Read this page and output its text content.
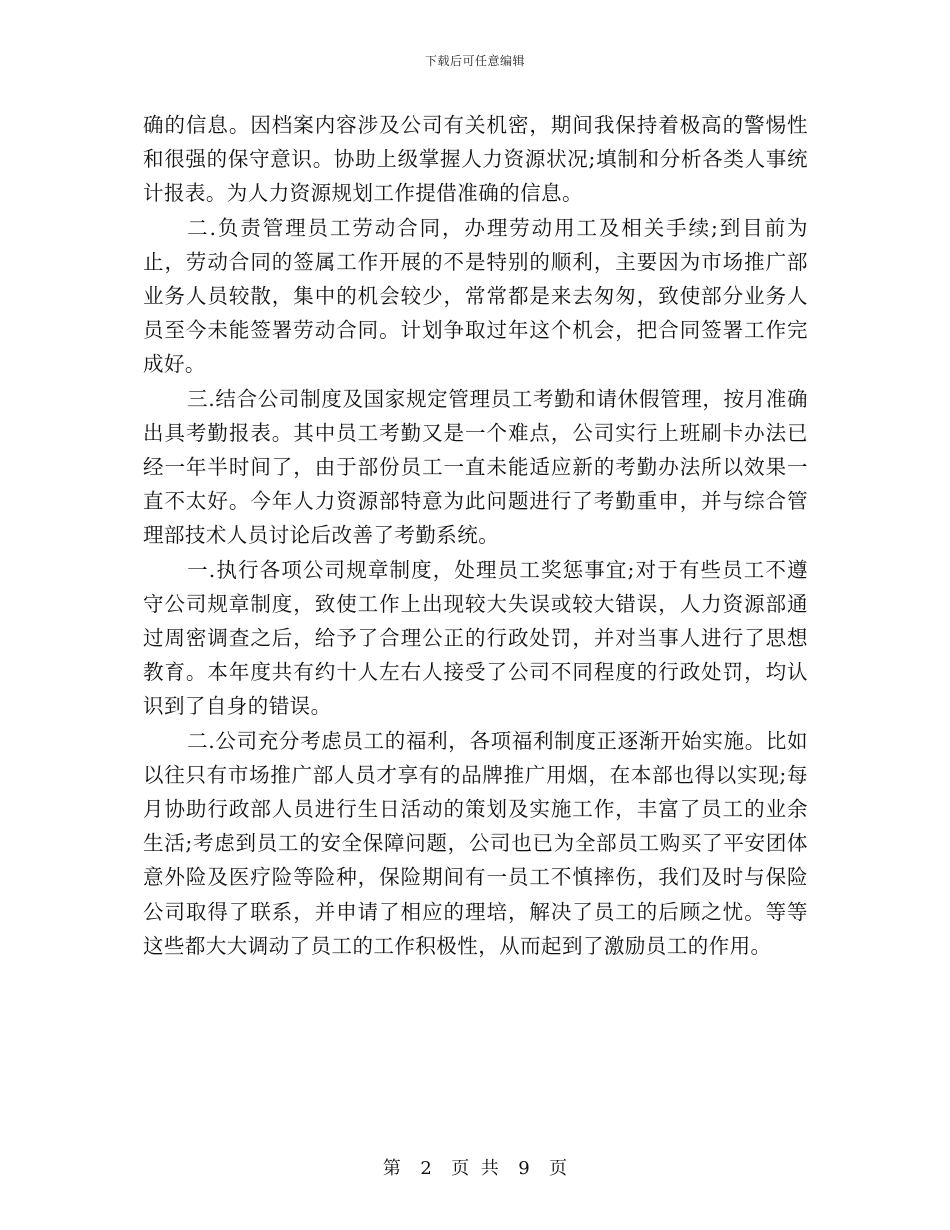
下载后可任意编辑

确的信息。因档案内容涉及公司有关机密，期间我保持着极高的警惕性和很强的保守意识。协助上级掌握人力资源状况;填制和分析各类人事统计报表。为人力资源规划工作提借准确的信息。

二.负责管理员工劳动合同，办理劳动用工及相关手续;到目前为止，劳动合同的签属工作开展的不是特别的顺利，主要因为市场推广部业务人员较散，集中的机会较少，常常都是来去匆匆，致使部分业务人员至今未能签署劳动合同。计划争取过年这个机会，把合同签署工作完成好。

三.结合公司制度及国家规定管理员工考勤和请休假管理，按月准确出具考勤报表。其中员工考勤又是一个难点，公司实行上班刷卡办法已经一年半时间了，由于部份员工一直未能适应新的考勤办法所以效果一直不太好。今年人力资源部特意为此问题进行了考勤重申，并与综合管理部技术人员讨论后改善了考勤系统。

一.执行各项公司规章制度，处理员工奖惩事宜;对于有些员工不遵守公司规章制度，致使工作上出现较大失误或较大错误，人力资源部通过周密调查之后，给予了合理公正的行政处罚，并对当事人进行了思想教育。本年度共有约十人左右人接受了公司不同程度的行政处罚，均认识到了自身的错误。

二.公司充分考虑员工的福利，各项福利制度正逐渐开始实施。比如以往只有市场推广部人员才享有的品牌推广用烟，在本部也得以实现;每月协助行政部人员进行生日活动的策划及实施工作，丰富了员工的业余生活;考虑到员工的安全保障问题，公司也已为全部员工购买了平安团体意外险及医疗险等险种，保险期间有一员工不慎摔伤，我们及时与保险公司取得了联系，并申请了相应的理培，解决了员工的后顾之忧。等等这些都大大调动了员工的工作积极性，从而起到了激励员工的作用。

第 2 页  共 9 页
